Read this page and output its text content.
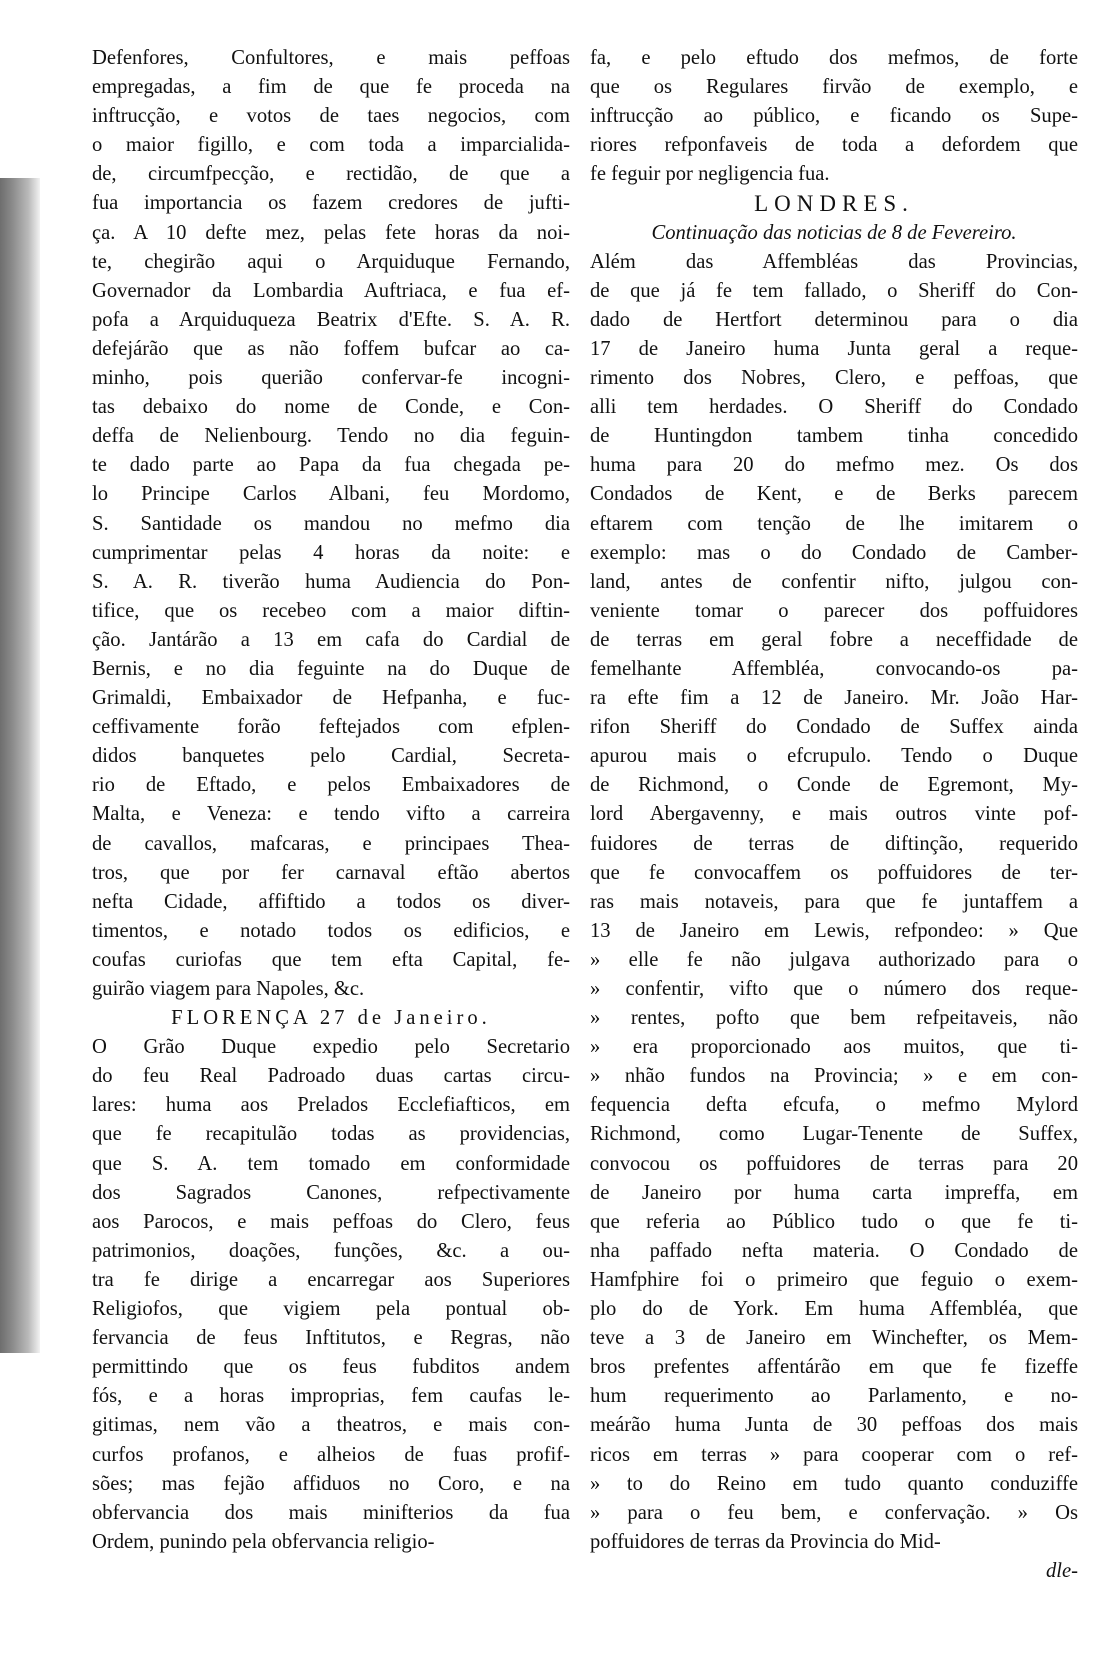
Defenfores, Confultores, e mais peffoas
empregadas, a fim de que fe proceda na
inftrucção, e votos de taes negocios, com
o maior figillo, e com toda a imparcialida-
de, circumfpecção, e rectidão, de que a
fua importancia os fazem credores de jufti-
ça. A 10 defte mez, pelas fete horas da noi-
te, chegirão aqui o Arquiduque Fernando,
Governador da Lombardia Auftriaca, e fua ef-
pofa a Arquiduqueza Beatrix d'Efte. S. A. R.
defejárão que as não foffem bufcar ao ca-
minho, pois querião confervar-fe incogni-
tas debaixo do nome de Conde, e Con-
deffa de Nelienbourg. Tendo no dia feguin-
te dado parte ao Papa da fua chegada pe-
lo Principe Carlos Albani, feu Mordomo,
S. Santidade os mandou no mefmo dia
cumprimentar pelas 4 horas da noite: e
S. A. R. tiverão huma Audiencia do Pon-
tifice, que os recebeo com a maior diftin-
ção. Jantárão a 13 em cafa do Cardial de
Bernis, e no dia feguinte na do Duque de
Grimaldi, Embaixador de Hefpanha, e fuc-
ceffivamente forão feftejados com efplen-
didos banquetes pelo Cardial, Secreta-
rio de Eftado, e pelos Embaixadores de
Malta, e Veneza: e tendo vifto a carreira
de cavallos, mafcaras, e principaes Thea-
tros, que por fer carnaval eftão abertos
nefta Cidade, affiftido a todos os diver-
timentos, e notado todos os edificios, e
coufas curiofas que tem efta Capital, fe-
guirão viagem para Napoles, &c.
FLORENÇA 27 de Janeiro.
O Grão Duque expedio pelo Secretario
do feu Real Padroado duas cartas circu-
lares: huma aos Prelados Ecclefiafticos, em
que fe recapitulão todas as providencias,
que S. A. tem tomado em conformidade
dos Sagrados Canones, refpectivamente
aos Parocos, e mais peffoas do Clero, feus
patrimonios, doações, funções, &c. a ou-
tra fe dirige a encarregar aos Superiores
Religiofos, que vigiem pela pontual ob-
fervancia de feus Inftitutos, e Regras, não
permittindo que os feus fubditos andem
fós, e a horas improprias, fem caufas le-
gitimas, nem vão a theatros, e mais con-
curfos profanos, e alheios de fuas profif-
sões; mas fejão affiduos no Coro, e na
obfervancia dos mais minifterios da fua
Ordem, punindo pela obfervancia religio-
fa, e pelo eftudo dos mefmos, de forte
que os Regulares firvão de exemplo, e
inftrucção ao público, e ficando os Supe-
riores refponfaveis de toda a defordem que
fe feguir por negligencia fua.
LONDRES.
Continuação das noticias de 8 de Fevereiro.
Além das Affembléas das Provincias,
de que já fe tem fallado, o Sheriff do Con-
dado de Hertfort determinou para o dia
17 de Janeiro huma Junta geral a reque-
rimento dos Nobres, Clero, e peffoas, que
alli tem herdades. O Sheriff do Condado
de Huntingdon tambem tinha concedido
huma para 20 do mefmo mez. Os dos
Condados de Kent, e de Berks parecem
eftarem com tenção de lhe imitarem o
exemplo: mas o do Condado de Camber-
land, antes de confentir nifto, julgou con-
veniente tomar o parecer dos poffuidores
de terras em geral fobre a neceffidade de
femelhante Affembléa, convocando-os pa-
ra efte fim a 12 de Janeiro. Mr. João Har-
rifon Sheriff do Condado de Suffex ainda
apurou mais o efcrupulo. Tendo o Duque
de Richmond, o Conde de Egremont, My-
lord Abergavenny, e mais outros vinte pof-
fuidores de terras de diftinção, requerido
que fe convocaffem os poffuidores de ter-
ras mais notaveis, para que fe juntaffem a
13 de Janeiro em Lewis, refpondeo: » Que
» elle fe não julgava authorizado para o
» confentir, vifto que o número dos reque-
» rentes, pofto que bem refpeitaveis, não
» era proporcionado aos muitos, que ti-
» nhão fundos na Provincia; » e em con-
fequencia defta efcufa, o mefmo Mylord
Richmond, como Lugar-Tenente de Suffex,
convocou os poffuidores de terras para 20
de Janeiro por huma carta impreffa, em
que referia ao Público tudo o que fe ti-
nha paffado nefta materia. O Condado de
Hamfphire foi o primeiro que feguio o exem-
plo do de York. Em huma Affembléa, que
teve a 3 de Janeiro em Winchefter, os Mem-
bros prefentes affentárão em que fe fizeffe
hum requerimento ao Parlamento, e no-
meárão huma Junta de 30 peffoas dos mais
ricos em terras » para cooperar com o ref-
» to do Reino em tudo quanto conduziffe
» para o feu bem, e confervação. » Os
poffuidores de terras da Provincia do Mid-
dle-
